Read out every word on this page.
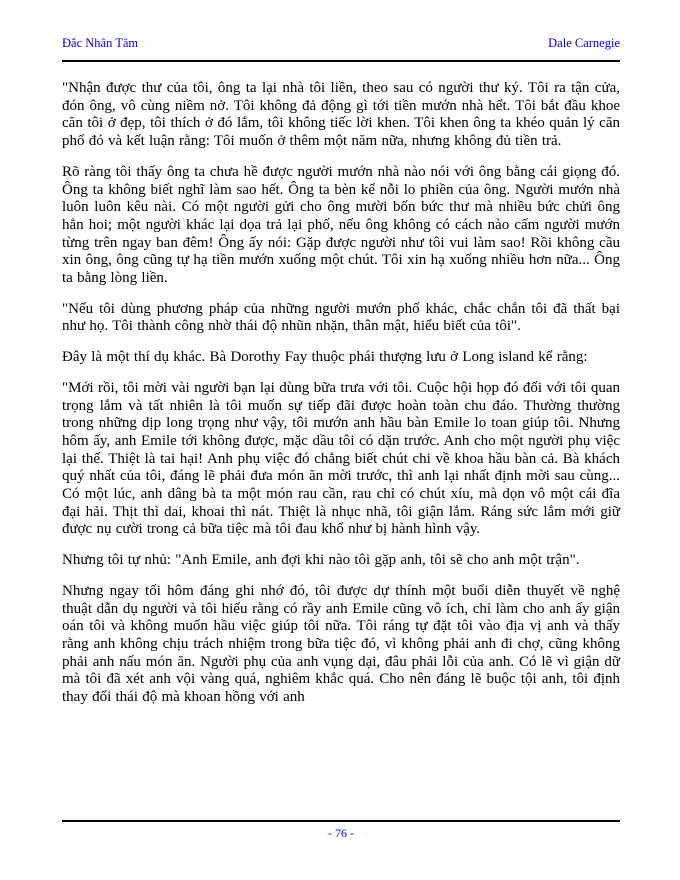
Đắc Nhân Tâm	Dale Carnegie

"Nhận được thư của tôi, ông ta lại nhà tôi liền, theo sau có người thư ký. Tôi ra tận cửa, đón ông, vô cùng niềm nở. Tôi không đả động gì tới tiền mướn nhà hết. Tôi bắt đầu khoe căn tôi ở đẹp, tôi thích ở đó lắm, tôi không tiếc lời khen. Tôi khen ông ta khéo quản lý căn phố đó và kết luận rằng: Tôi muốn ở thêm một năm nữa, nhưng không đủ tiền trả.

Rõ ràng tôi thấy ông ta chưa hề được người mướn nhà nào nói với ông bằng cái giọng đó. Ông ta không biết nghĩ làm sao hết. Ông ta bèn kể nỗi lo phiền của ông. Người mướn nhà luôn luôn kêu nài. Có một người gửi cho ông mười bốn bức thư mà nhiều bức chửi ông hẳn hoi; một người khác lại dọa trả lại phố, nếu ông không có cách nào cấm người mướn từng trên ngay ban đêm! Ông ấy nói: Gặp được người như tôi vui làm sao! Rồi không cầu xin ông, ông cũng tự hạ tiền mướn xuống một chút. Tôi xin hạ xuống nhiều hơn nữa... Ông ta bằng lòng liền.

"Nếu tôi dùng phương pháp của những người mướn phố khác, chắc chắn tôi đã thất bại như họ. Tôi thành công nhờ thái độ nhũn nhặn, thân mật, hiểu biết của tôi".

Đây là một thí dụ khác. Bà Dorothy Fay thuộc phái thượng lưu ở Long island kể rằng:

"Mới rồi, tôi mời vài người bạn lại dùng bữa trưa với tôi. Cuộc hội họp đó đối với tôi quan trọng lắm và tất nhiên là tôi muốn sự tiếp đãi được hoàn toàn chu đáo. Thường thường trong những dịp long trọng như vậy, tôi mướn anh hầu bàn Emile lo toan giúp tôi. Nhưng hôm ấy, anh Emile tới không được, mặc dầu tôi có dặn trước. Anh cho một người phụ việc lại thế. Thiệt là tai hại! Anh phụ việc đó chẳng biết chút chi về khoa hầu bàn cả. Bà khách quý nhất của tôi, đáng lẽ phải đưa món ăn mời trước, thì anh lại nhất định mời sau cùng... Có một lúc, anh dâng bà ta một món rau cần, rau chỉ có chút xíu, mà dọn vô một cái đĩa đại hải. Thịt thì dai, khoai thì nát. Thiệt là nhục nhã, tôi giận lắm. Ráng sức lắm mới giữ được nụ cười trong cả bữa tiệc mà tôi đau khổ như bị hành hình vậy.

Nhưng tôi tự nhủ: "Anh Emile, anh đợi khi nào tôi gặp anh, tôi sẽ cho anh một trận".

Nhưng ngay tối hôm đáng ghi nhớ đó, tôi được dự thính một buổi diễn thuyết về nghệ thuật dẫn dụ người và tôi hiểu rằng có rầy anh Emile cũng vô ích, chỉ làm cho anh ấy giận oán tôi và không muốn hầu việc giúp tôi nữa. Tôi ráng tự đặt tôi vào địa vị anh và thấy rằng anh không chịu trách nhiệm trong bữa tiệc đó, vì không phải anh đi chợ, cũng không phải anh nấu món ăn. Người phụ của anh vụng dại, đâu phải lỗi của anh. Có lẽ vì giận dữ mà tôi đã xét anh vội vàng quá, nghiêm khắc quá. Cho nên đáng lẽ buộc tội anh, tôi định thay đổi thái độ mà khoan hồng với anh

- 76 -
